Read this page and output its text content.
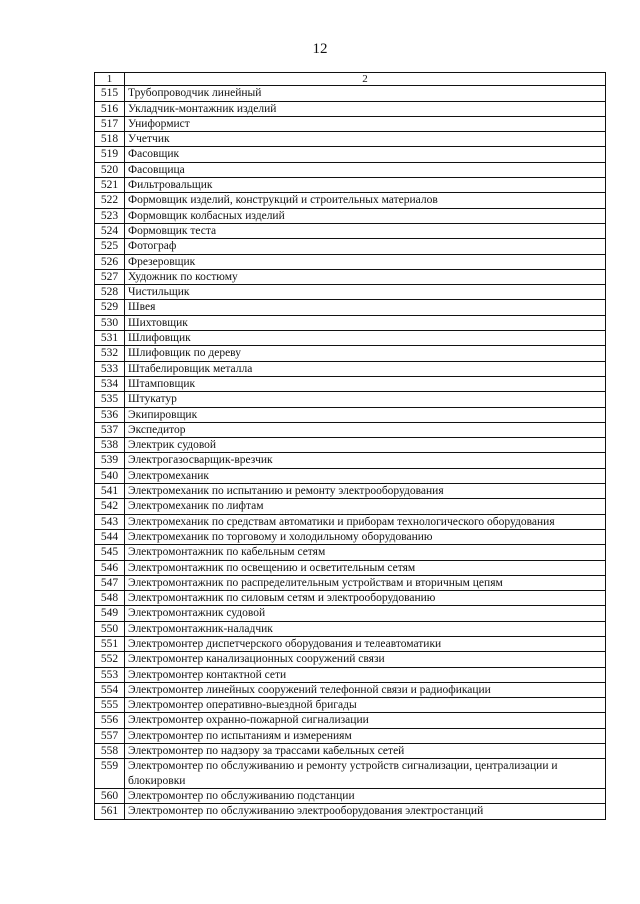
12
1	2
515	Трубопроводчик линейный
516	Укладчик-монтажник изделий
517	Униформист
518	Учетчик
519	Фасовщик
520	Фасовщица
521	Фильтровальщик
522	Формовщик изделий, конструкций и строительных материалов
523	Формовщик колбасных изделий
524	Формовщик теста
525	Фотограф
526	Фрезеровщик
527	Художник по костюму
528	Чистильщик
529	Швея
530	Шихтовщик
531	Шлифовщик
532	Шлифовщик по дереву
533	Штабелировщик металла
534	Штамповщик
535	Штукатур
536	Экипировщик
537	Экспедитор
538	Электрик судовой
539	Электрогазосварщик-врезчик
540	Электромеханик
541	Электромеханик по испытанию и ремонту электрооборудования
542	Электромеханик по лифтам
543	Электромеханик по средствам автоматики и приборам технологического оборудования
544	Электромеханик по торговому и холодильному оборудованию
545	Электромонтажник по кабельным сетям
546	Электромонтажник по освещению и осветительным сетям
547	Электромонтажник по распределительным устройствам и вторичным цепям
548	Электромонтажник по силовым сетям и электрооборудованию
549	Электромонтажник судовой
550	Электромонтажник-наладчик
551	Электромонтер диспетчерского оборудования и телеавтоматики
552	Электромонтер канализационных сооружений связи
553	Электромонтер контактной сети
554	Электромонтер линейных сооружений телефонной связи и радиофикации
555	Электромонтер оперативно-выездной бригады
556	Электромонтер охранно-пожарной сигнализации
557	Электромонтер по испытаниям и измерениям
558	Электромонтер по надзору за трассами кабельных сетей
559	Электромонтер по обслуживанию и ремонту устройств сигнализации, централизации и блокировки
560	Электромонтер по обслуживанию подстанции
561	Электромонтер по обслуживанию электрооборудования электростанций
